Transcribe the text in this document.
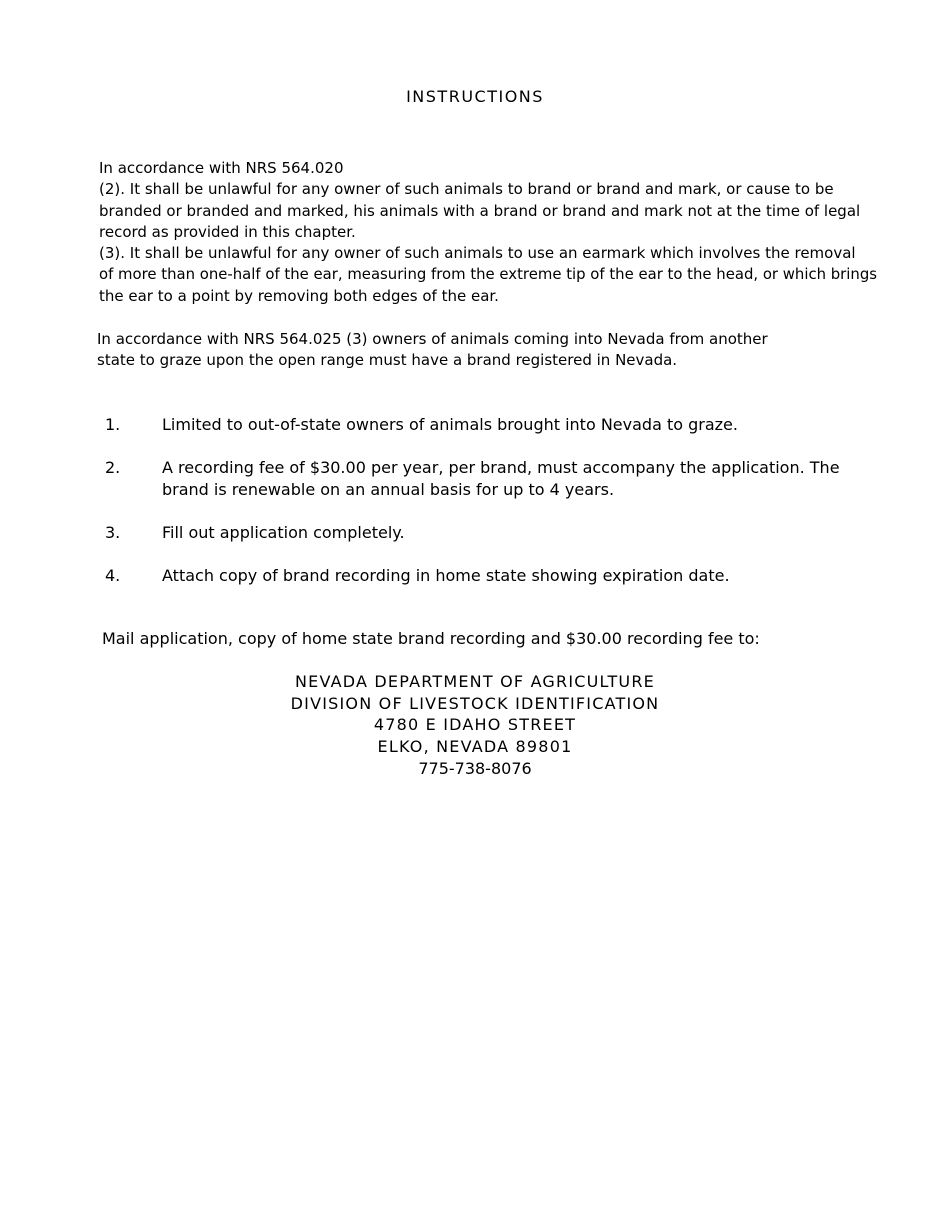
INSTRUCTIONS
In accordance with NRS 564.020
(2). It shall be unlawful for any owner of such animals to brand or brand and mark, or cause to be
branded or branded and marked, his animals with a brand or brand and mark not at the time of legal
record as provided in this chapter.
(3). It shall be unlawful for any owner of such animals to use an earmark which involves the removal
of more than one-half of the ear, measuring from the extreme tip of the ear to the head, or which brings
the ear to a point by removing both edges of the ear.
In accordance with NRS 564.025 (3) owners of animals coming into Nevada from another
state to graze upon the open range must have a brand registered in Nevada.
1.	Limited to out-of-state owners of animals brought into Nevada to graze.
2.	A recording fee of $30.00 per year, per brand, must accompany the application. The
brand is renewable on an annual basis for up to 4 years.
3.	Fill out application completely.
4.	Attach copy of brand recording in home state showing expiration date.
Mail application, copy of home state brand recording and $30.00 recording fee to:
NEVADA DEPARTMENT OF AGRICULTURE
DIVISION OF LIVESTOCK IDENTIFICATION
4780 E IDAHO STREET
ELKO, NEVADA 89801
775-738-8076
